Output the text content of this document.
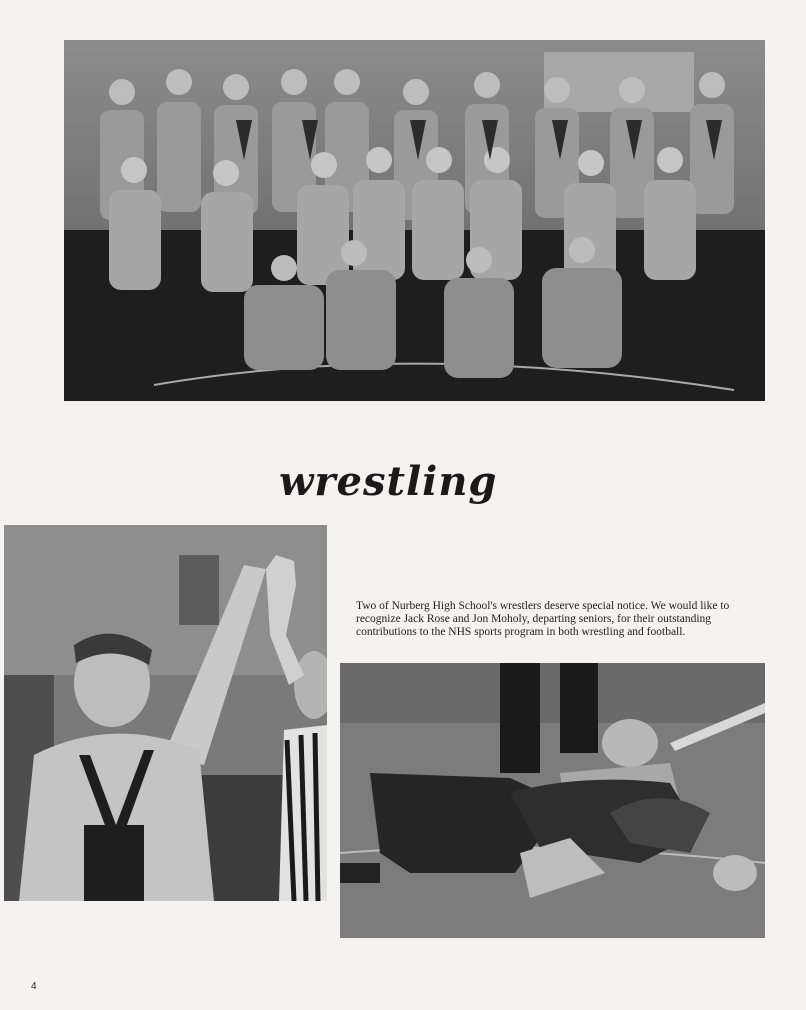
wrestling

Two of Nurberg High School's wrestlers deserve special notice. We would like to recognize Jack Rose and Jon Moholy, departing seniors, for their outstanding contributions to the NHS sports program in both wrestling and football.

4
